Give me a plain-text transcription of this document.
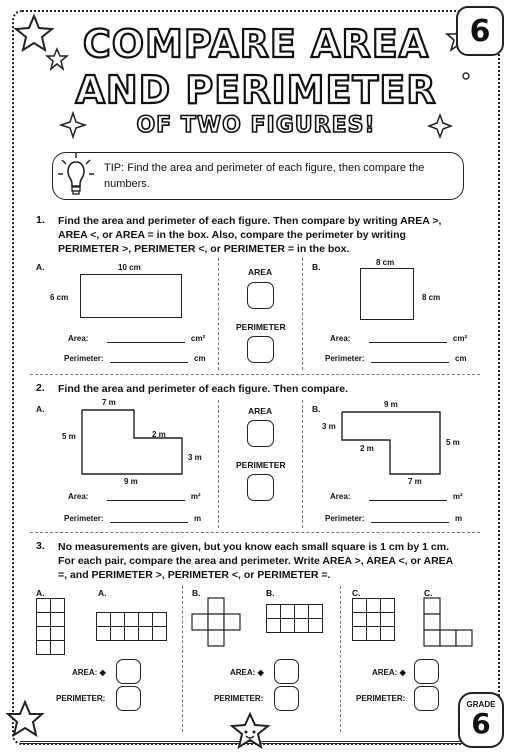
COMPARE AREA
AND PERIMETER
OF TWO FIGURES!
6
GRADE
6
TIP: Find the area and perimeter of each figure, then compare the numbers.
1. Find the area and perimeter of each figure. Then compare by writing AREA >, AREA <, or AREA = in the box. Also, compare the perimeter by writing PERIMETER >, PERIMETER <, or PERIMETER = in the box.
A.	10 cm
6 cm
Area:	cm²
Perimeter:	cm
AREA
PERIMETER
B.	8 cm
8 cm
Area:	cm²
Perimeter:	cm
2. Find the area and perimeter of each figure. Then compare.
A.
7 m
5 m	2 m
3 m
9 m
Area:	m²
Perimeter:	m
AREA
PERIMETER
B.	9 m
3 m
2 m
5 m
7 m
Area:	m²
Perimeter:	m
3. No measurements are given, but you know each small square is 1 cm by 1 cm. For each pair, compare the area and perimeter. Write AREA >, AREA <, or AREA =, and PERIMETER >, PERIMETER <, or PERIMETER =.
A.

		A.

AREA: ◆
PERIMETER:
B.	B.

AREA: ◆
PERIMETER:
C.

			C.
AREA: ◆
PERIMETER:
